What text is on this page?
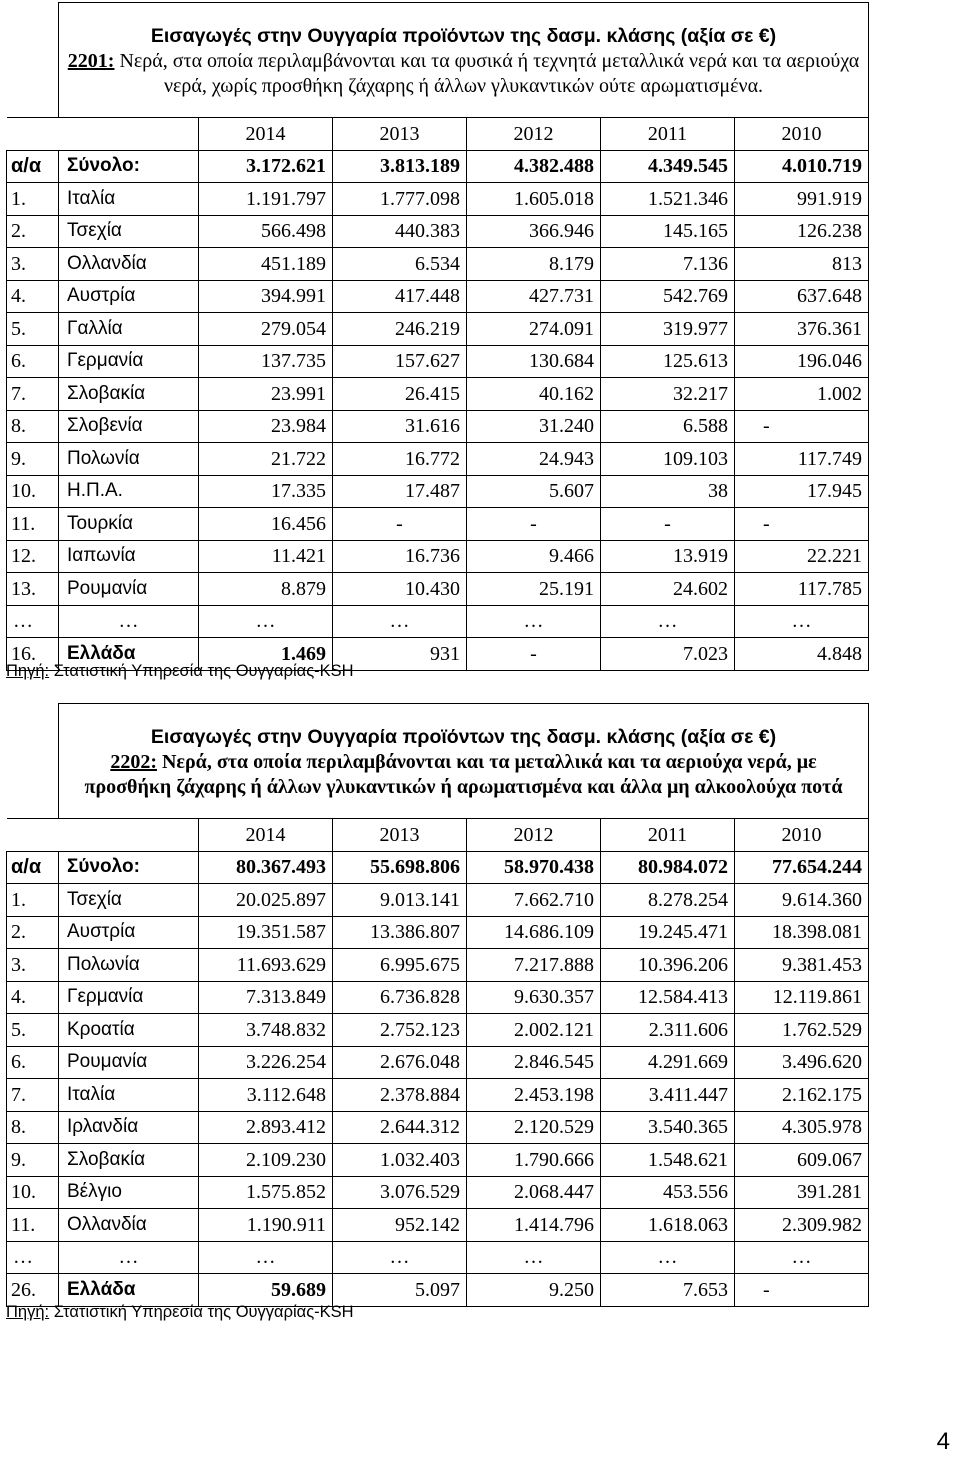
	Εισαγωγές στην Ουγγαρία προϊόντων της δασμ. κλάσης (αξία σε €)
2201: Νερά, στα οποία περιλαμβάνονται και τα φυσικά ή τεχνητά μεταλλικά νερά και τα αεριούχα νερά, χωρίς προσθήκη ζάχαρης ή άλλων γλυκαντικών ούτε αρωματισμένα.					
		2014	2013	2012	2011	2010
α/α	Σύνολο:	3.172.621	3.813.189	4.382.488	4.349.545	4.010.719
1.	Ιταλία	1.191.797	1.777.098	1.605.018	1.521.346	991.919
2.	Τσεχία	566.498	440.383	366.946	145.165	126.238
3.	Ολλανδία	451.189	6.534	8.179	7.136	813
4.	Αυστρία	394.991	417.448	427.731	542.769	637.648
5.	Γαλλία	279.054	246.219	274.091	319.977	376.361
6.	Γερμανία	137.735	157.627	130.684	125.613	196.046
7.	Σλοβακία	23.991	26.415	40.162	32.217	1.002
8.	Σλοβενία	23.984	31.616	31.240	6.588	-
9.	Πολωνία	21.722	16.772	24.943	109.103	117.749
10.	Η.Π.Α.	17.335	17.487	5.607	38	17.945
11.	Τουρκία	16.456	-	-	-	-
12.	Ιαπωνία	11.421	16.736	9.466	13.919	22.221
13.	Ρουμανία	8.879	10.430	25.191	24.602	117.785
…	…	…	…	…	…	…
16.	Ελλάδα	1.469	931	-	7.023	4.848
Πηγή: Στατιστική Υπηρεσία της Ουγγαρίας-KSH

	Εισαγωγές στην Ουγγαρία προϊόντων της δασμ. κλάσης (αξία σε €)
2202: Νερά, στα οποία περιλαμβάνονται και τα μεταλλικά και τα αεριούχα νερά, με προσθήκη ζάχαρης ή άλλων γλυκαντικών ή αρωματισμένα και άλλα μη αλκοολούχα ποτά					
		2014	2013	2012	2011	2010
α/α	Σύνολο:	80.367.493	55.698.806	58.970.438	80.984.072	77.654.244
1.	Τσεχία	20.025.897	9.013.141	7.662.710	8.278.254	9.614.360
2.	Αυστρία	19.351.587	13.386.807	14.686.109	19.245.471	18.398.081
3.	Πολωνία	11.693.629	6.995.675	7.217.888	10.396.206	9.381.453
4.	Γερμανία	7.313.849	6.736.828	9.630.357	12.584.413	12.119.861
5.	Κροατία	3.748.832	2.752.123	2.002.121	2.311.606	1.762.529
6.	Ρουμανία	3.226.254	2.676.048	2.846.545	4.291.669	3.496.620
7.	Ιταλία	3.112.648	2.378.884	2.453.198	3.411.447	2.162.175
8.	Ιρλανδία	2.893.412	2.644.312	2.120.529	3.540.365	4.305.978
9.	Σλοβακία	2.109.230	1.032.403	1.790.666	1.548.621	609.067
10.	Βέλγιο	1.575.852	3.076.529	2.068.447	453.556	391.281
11.	Ολλανδία	1.190.911	952.142	1.414.796	1.618.063	2.309.982
…	…	…	…	…	…	…
26.	Ελλάδα	59.689	5.097	9.250	7.653	-
Πηγή: Στατιστική Υπηρεσία της Ουγγαρίας-KSH
4
